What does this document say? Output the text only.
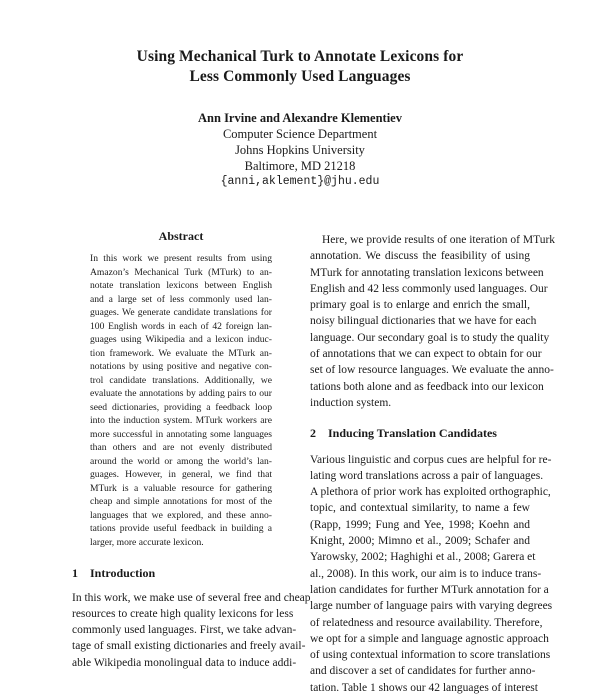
Using Mechanical Turk to Annotate Lexicons for
Less Commonly Used Languages
Ann Irvine and Alexandre Klementiev
Computer Science Department
Johns Hopkins University
Baltimore, MD 21218
{anni,aklement}@jhu.edu
Abstract
In this work we present results from using
Amazon’s Mechanical Turk (MTurk) to an-
notate translation lexicons between English
and a large set of less commonly used lan-
guages. We generate candidate translations for
100 English words in each of 42 foreign lan-
guages using Wikipedia and a lexicon induc-
tion framework. We evaluate the MTurk an-
notations by using positive and negative con-
trol candidate translations. Additionally, we
evaluate the annotations by adding pairs to our
seed dictionaries, providing a feedback loop
into the induction system. MTurk workers are
more successful in annotating some languages
than others and are not evenly distributed
around the world or among the world’s lan-
guages. However, in general, we find that
MTurk is a valuable resource for gathering
cheap and simple annotations for most of the
languages that we explored, and these anno-
tations provide useful feedback in building a
larger, more accurate lexicon.
1 Introduction
In this work, we make use of several free and cheap
resources to create high quality lexicons for less
commonly used languages. First, we take advan-
tage of small existing dictionaries and freely avail-
able Wikipedia monolingual data to induce addi-
Here, we provide results of one iteration of MTurk
annotation. We discuss the feasibility of using
MTurk for annotating translation lexicons between
English and 42 less commonly used languages. Our
primary goal is to enlarge and enrich the small,
noisy bilingual dictionaries that we have for each
language. Our secondary goal is to study the quality
of annotations that we can expect to obtain for our
set of low resource languages. We evaluate the anno-
tations both alone and as feedback into our lexicon
induction system.
2 Inducing Translation Candidates
Various linguistic and corpus cues are helpful for re-
lating word translations across a pair of languages.
A plethora of prior work has exploited orthographic,
topic, and contextual similarity, to name a few
(Rapp, 1999; Fung and Yee, 1998; Koehn and
Knight, 2000; Mimno et al., 2009; Schafer and
Yarowsky, 2002; Haghighi et al., 2008; Garera et
al., 2008). In this work, our aim is to induce trans-
lation candidates for further MTurk annotation for a
large number of language pairs with varying degrees
of relatedness and resource availability. Therefore,
we opt for a simple and language agnostic approach
of using contextual information to score translations
and discover a set of candidates for further anno-
tation. Table 1 shows our 42 languages of interest
